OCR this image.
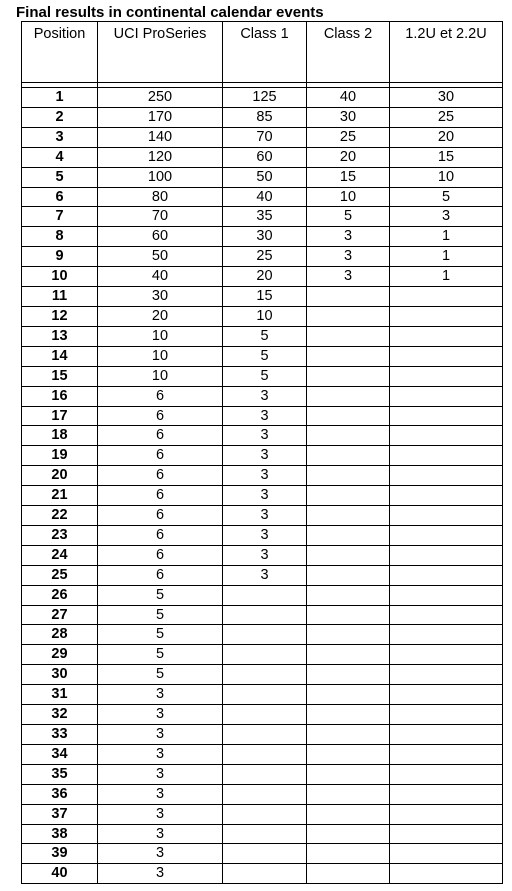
Final results in continental calendar events
Position	UCI ProSeries	Class 1	Class 2	1.2U et 2.2U

1	250	125	40	30
2	170	85	30	25
3	140	70	25	20
4	120	60	20	15
5	100	50	15	10
6	80	40	10	5
7	70	35	5	3
8	60	30	3	1
9	50	25	3	1
10	40	20	3	1
11	30	15		
12	20	10		
13	10	5		
14	10	5		
15	10	5		
16	6	3		
17	6	3		
18	6	3		
19	6	3		
20	6	3		
21	6	3		
22	6	3		
23	6	3		
24	6	3		
25	6	3		
26	5			
27	5			
28	5			
29	5			
30	5			
31	3			
32	3			
33	3			
34	3			
35	3			
36	3			
37	3			
38	3			
39	3			
40	3			
